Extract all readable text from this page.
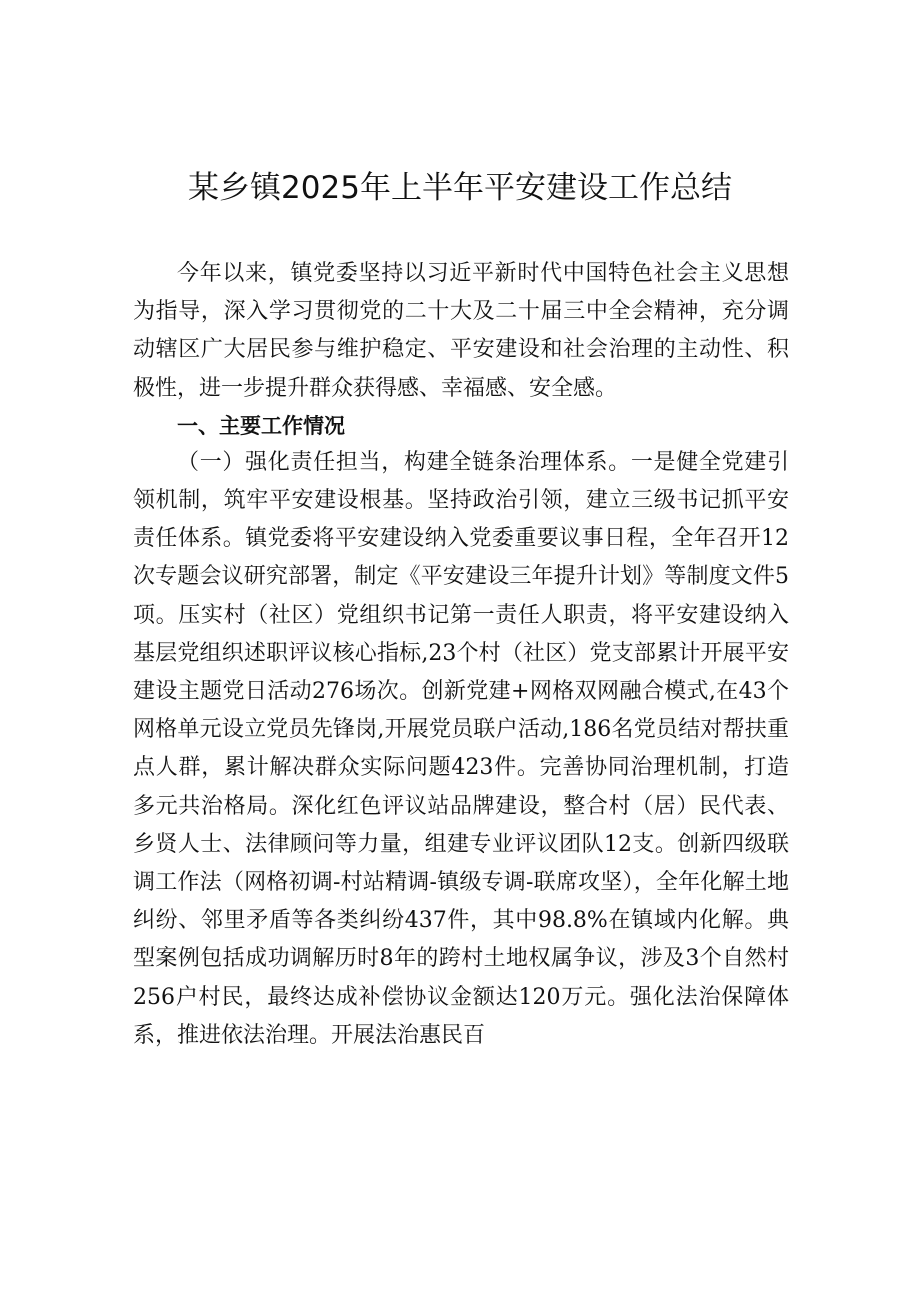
某乡镇2025年上半年平安建设工作总结

今年以来，镇党委坚持以习近平新时代中国特色社会主义思想为指导，深入学习贯彻党的二十大及二十届三中全会精神，充分调动辖区广大居民参与维护稳定、平安建设和社会治理的主动性、积极性，进一步提升群众获得感、幸福感、安全感。

一、主要工作情况

（一）强化责任担当，构建全链条治理体系。一是健全党建引领机制，筑牢平安建设根基。坚持政治引领，建立三级书记抓平安责任体系。镇党委将平安建设纳入党委重要议事日程，全年召开12次专题会议研究部署，制定《平安建设三年提升计划》等制度文件5项。压实村（社区）党组织书记第一责任人职责，将平安建设纳入基层党组织述职评议核心指标,23个村（社区）党支部累计开展平安建设主题党日活动276场次。创新党建+网格双网融合模式,在43个网格单元设立党员先锋岗,开展党员联户活动,186名党员结对帮扶重点人群，累计解决群众实际问题423件。完善协同治理机制，打造多元共治格局。深化红色评议站品牌建设，整合村（居）民代表、乡贤人士、法律顾问等力量，组建专业评议团队12支。创新四级联调工作法（网格初调-村站精调-镇级专调-联席攻坚），全年化解土地纠纷、邻里矛盾等各类纠纷437件，其中98.8%在镇域内化解。典型案例包括成功调解历时8年的跨村土地权属争议，涉及3个自然村256户村民，最终达成补偿协议金额达120万元。强化法治保障体系，推进依法治理。开展法治惠民百
